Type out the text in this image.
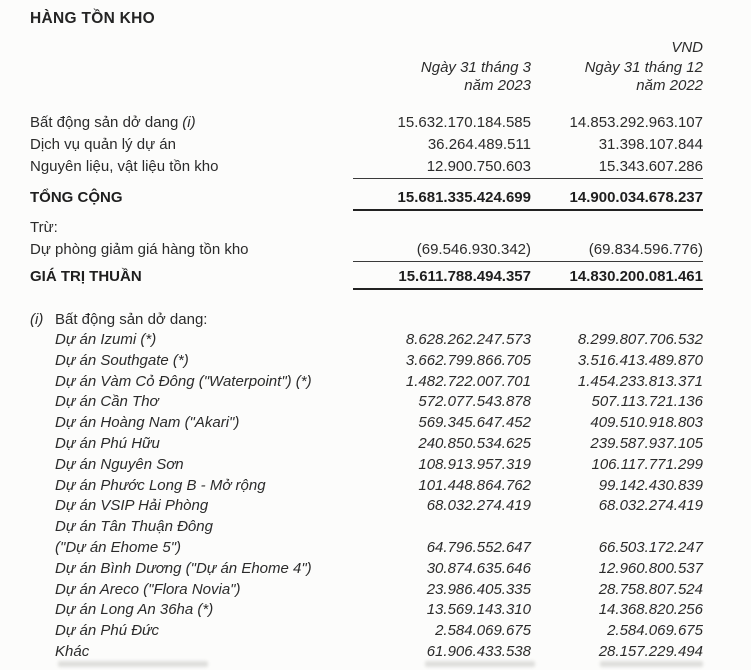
HÀNG TỒN KHO
VND
Ngày 31 tháng 3
năm 2023
Ngày 31 tháng 12
năm 2022
Bất động sản dở dang (i)	15.632.170.184.585	14.853.292.963.107
Dịch vụ quản lý dự án	36.264.489.511	31.398.107.844
Nguyên liệu, vật liệu tồn kho	12.900.750.603	15.343.607.286
TỔNG CỘNG	15.681.335.424.699	14.900.034.678.237
Trừ:
Dự phòng giảm giá hàng tồn kho	(69.546.930.342)	(69.834.596.776)
GIÁ TRỊ THUẦN	15.611.788.494.357	14.830.200.081.461
(i) Bất động sản dở dang:
Dự án Izumi (*)	8.628.262.247.573	8.299.807.706.532
Dự án Southgate (*)	3.662.799.866.705	3.516.413.489.870
Dự án Vàm Cỏ Đông ("Waterpoint") (*)	1.482.722.007.701	1.454.233.813.371
Dự án Cần Thơ	572.077.543.878	507.113.721.136
Dự án Hoàng Nam ("Akari")	569.345.647.452	409.510.918.803
Dự án Phú Hữu	240.850.534.625	239.587.937.105
Dự án Nguyên Sơn	108.913.957.319	106.117.771.299
Dự án Phước Long B - Mở rộng	101.448.864.762	99.142.430.839
Dự án VSIP Hải Phòng	68.032.274.419	68.032.274.419
Dự án Tân Thuận Đông
("Dự án Ehome 5")	64.796.552.647	66.503.172.247
Dự án Bình Dương ("Dự án Ehome 4")	30.874.635.646	12.960.800.537
Dự án Areco ("Flora Novia")	23.986.405.335	28.758.807.524
Dự án Long An 36ha (*)	13.569.143.310	14.368.820.256
Dự án Phú Đức	2.584.069.675	2.584.069.675
Khác	61.906.433.538	28.157.229.494
